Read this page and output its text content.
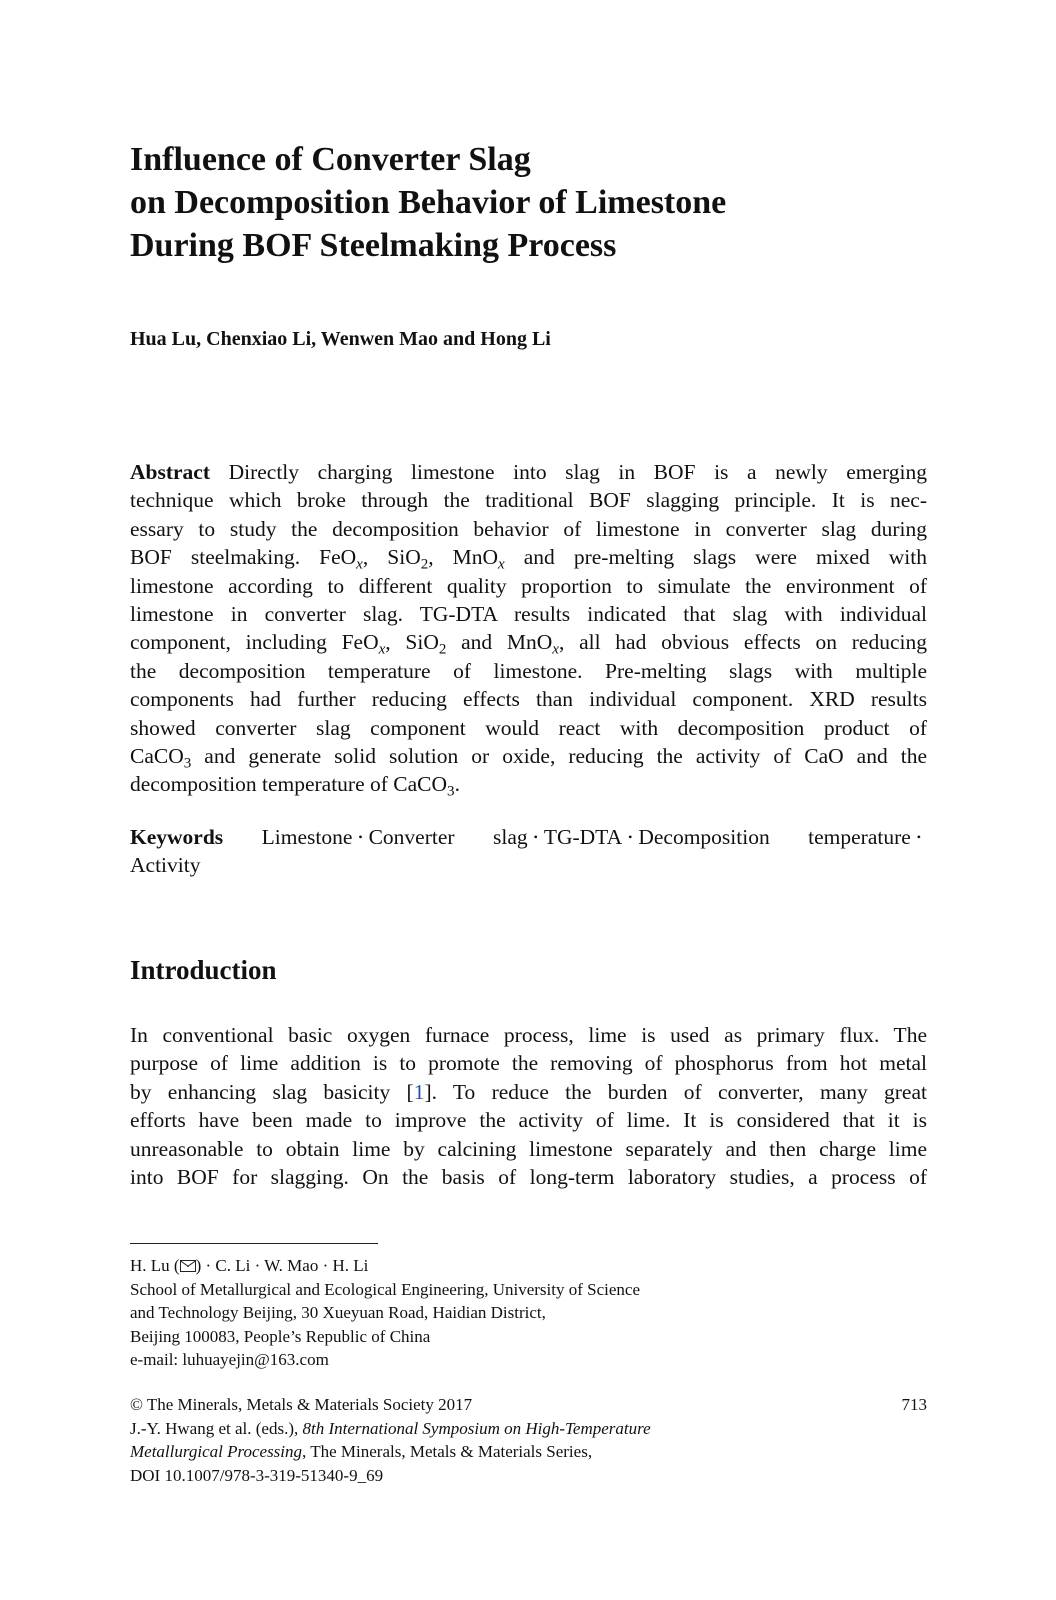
Influence of Converter Slag
on Decomposition Behavior of Limestone
During BOF Steelmaking Process

Hua Lu, Chenxiao Li, Wenwen Mao and Hong Li

Abstract Directly charging limestone into slag in BOF is a newly emerging
technique which broke through the traditional BOF slagging principle. It is nec-
essary to study the decomposition behavior of limestone in converter slag during
BOF steelmaking. FeO$_x$, SiO$_2$, MnO$_x$ and pre-melting slags were mixed with
limestone according to different quality proportion to simulate the environment of
limestone in converter slag. TG-DTA results indicated that slag with individual
component, including FeO$_x$, SiO$_2$ and MnO$_x$, all had obvious effects on reducing
the decomposition temperature of limestone. Pre-melting slags with multiple
components had further reducing effects than individual component. XRD results
showed converter slag component would react with decomposition product of
CaCO$_3$ and generate solid solution or oxide, reducing the activity of CaO and the
decomposition temperature of CaCO$_3$.
Keywords Limestone • Converter slag • TG-DTA • Decomposition temperature •
Activity
Introduction
In conventional basic oxygen furnace process, lime is used as primary flux. The
purpose of lime addition is to promote the removing of phosphorus from hot metal
by enhancing slag basicity [1]. To reduce the burden of converter, many great
efforts have been made to improve the activity of lime. It is considered that it is
unreasonable to obtain lime by calcining limestone separately and then charge lime
into BOF for slagging. On the basis of long-term laboratory studies, a process of
H. Lu ( ) · C. Li · W. Mao · H. Li
School of Metallurgical and Ecological Engineering, University of Science
and Technology Beijing, 30 Xueyuan Road, Haidian District,
Beijing 100083, People’s Republic of China
e-mail: luhuayejin@163.com
© The Minerals, Metals & Materials Society 2017
J.-Y. Hwang et al. (eds.), 8th International Symposium on High-Temperature
Metallurgical Processing, The Minerals, Metals & Materials Series,
DOI 10.1007/978-3-319-51340-9_69
713
